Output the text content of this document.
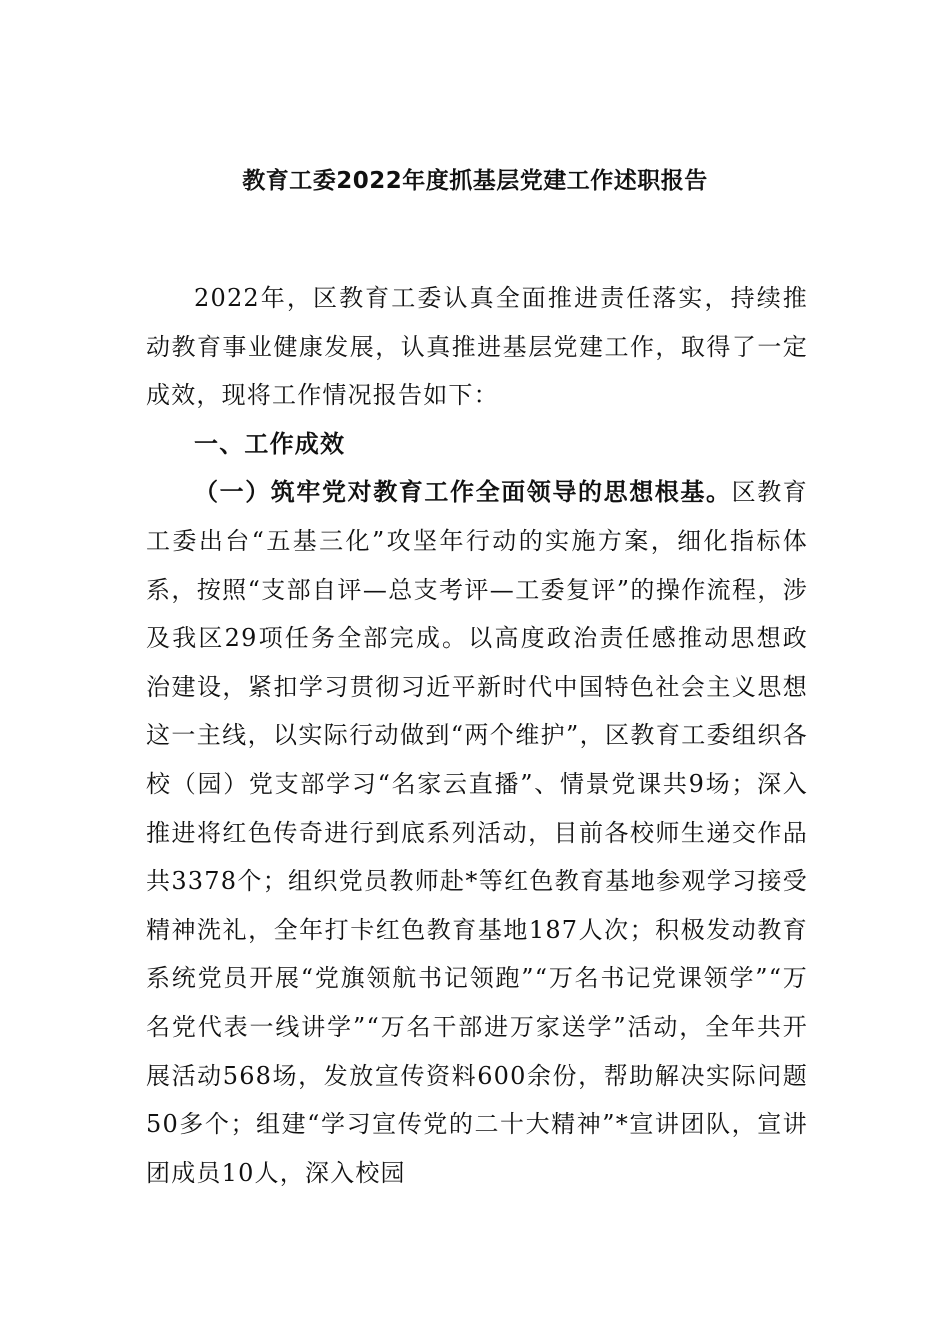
教育工委2022年度抓基层党建工作述职报告

2022年，区教育工委认真全面推进责任落实，持续推动教育事业健康发展，认真推进基层党建工作，取得了一定成效，现将工作情况报告如下：

一、工作成效

（一）筑牢党对教育工作全面领导的思想根基。区教育工委出台“五基三化”攻坚年行动的实施方案，细化指标体系，按照“支部自评—总支考评—工委复评”的操作流程，涉及我区29项任务全部完成。以高度政治责任感推动思想政治建设，紧扣学习贯彻习近平新时代中国特色社会主义思想这一主线，以实际行动做到“两个维护”，区教育工委组织各校（园）党支部学习“名家云直播”、情景党课共9场；深入推进将红色传奇进行到底系列活动，目前各校师生递交作品共3378个；组织党员教师赴*等红色教育基地参观学习接受精神洗礼，全年打卡红色教育基地187人次；积极发动教育系统党员开展“党旗领航书记领跑”“万名书记党课领学”“万名党代表一线讲学”“万名干部进万家送学”活动，全年共开展活动568场，发放宣传资料600余份，帮助解决实际问题50多个；组建“学习宣传党的二十大精神”*宣讲团队，宣讲团成员10人，深入校园
